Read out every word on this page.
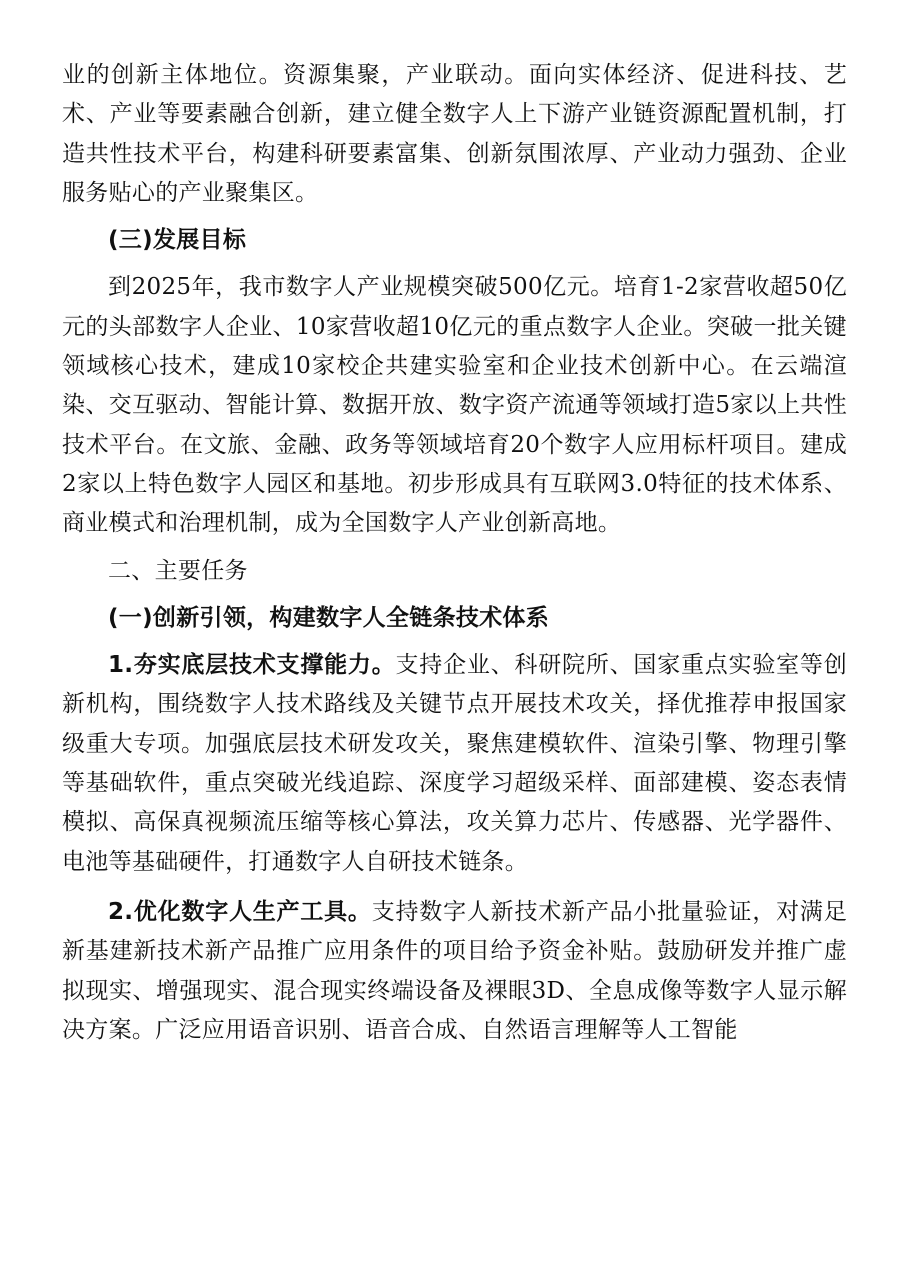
业的创新主体地位。资源集聚，产业联动。面向实体经济、促进科技、艺术、产业等要素融合创新，建立健全数字人上下游产业链资源配置机制，打造共性技术平台，构建科研要素富集、创新氛围浓厚、产业动力强劲、企业服务贴心的产业聚集区。

(三)发展目标

到2025年，我市数字人产业规模突破500亿元。培育1-2家营收超50亿元的头部数字人企业、10家营收超10亿元的重点数字人企业。突破一批关键领域核心技术，建成10家校企共建实验室和企业技术创新中心。在云端渲染、交互驱动、智能计算、数据开放、数字资产流通等领域打造5家以上共性技术平台。在文旅、金融、政务等领域培育20个数字人应用标杆项目。建成2家以上特色数字人园区和基地。初步形成具有互联网3.0特征的技术体系、商业模式和治理机制，成为全国数字人产业创新高地。

二、主要任务

(一)创新引领，构建数字人全链条技术体系

1.夯实底层技术支撑能力。支持企业、科研院所、国家重点实验室等创新机构，围绕数字人技术路线及关键节点开展技术攻关，择优推荐申报国家级重大专项。加强底层技术研发攻关，聚焦建模软件、渲染引擎、物理引擎等基础软件，重点突破光线追踪、深度学习超级采样、面部建模、姿态表情模拟、高保真视频流压缩等核心算法，攻关算力芯片、传感器、光学器件、电池等基础硬件，打通数字人自研技术链条。

2.优化数字人生产工具。支持数字人新技术新产品小批量验证，对满足新基建新技术新产品推广应用条件的项目给予资金补贴。鼓励研发并推广虚拟现实、增强现实、混合现实终端设备及裸眼3D、全息成像等数字人显示解决方案。广泛应用语音识别、语音合成、自然语言理解等人工智能
